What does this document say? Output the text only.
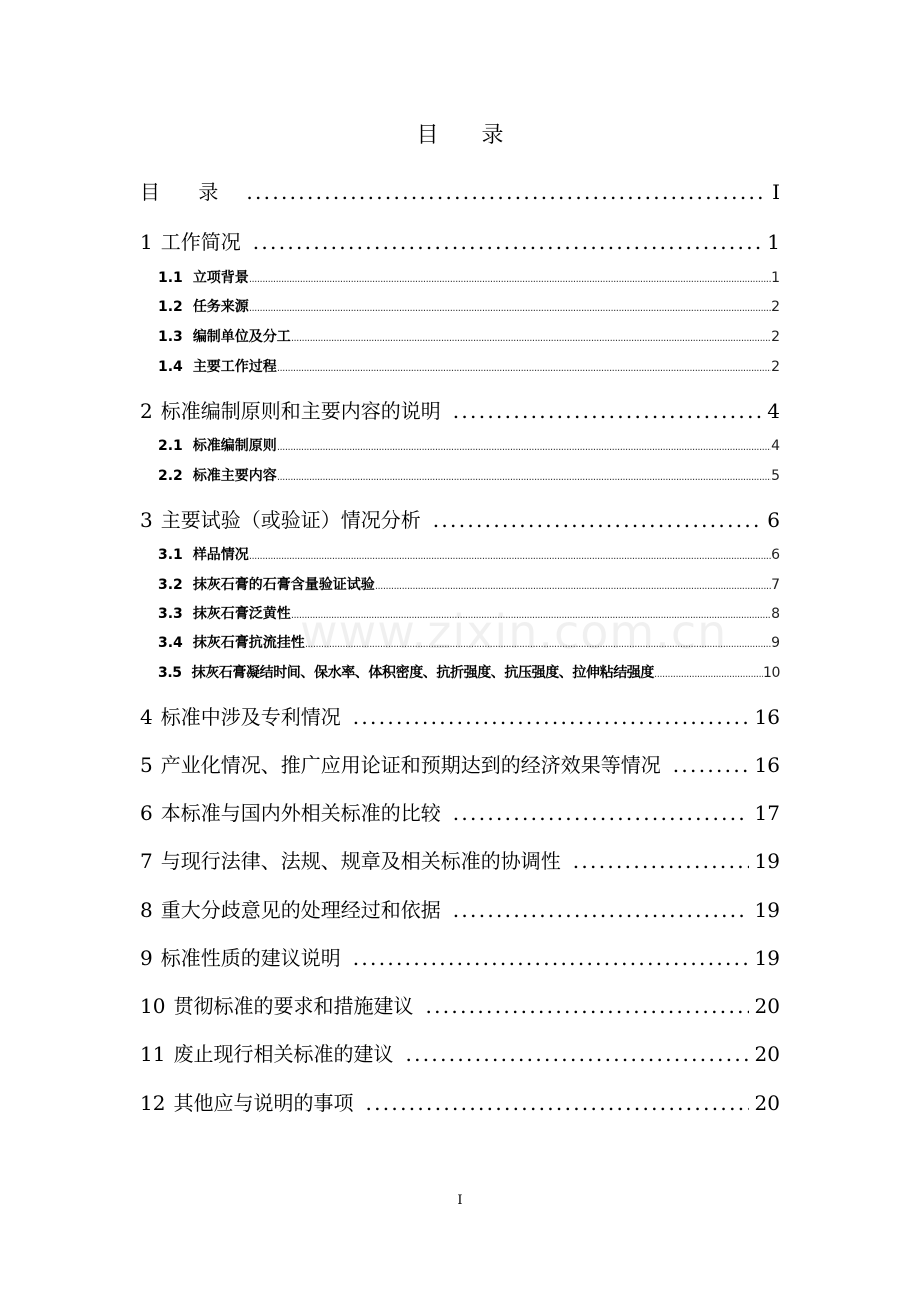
目 录
目 录 .....	I
1 工作简况 .....	1
1.1 立项背景 .....	1
1.2 任务来源 .....	2
1.3 编制单位及分工 .....	2
1.4 主要工作过程 .....	2
2 标准编制原则和主要内容的说明 .....	4
2.1 标准编制原则 .....	4
2.2 标准主要内容 .....	5
3 主要试验（或验证）情况分析 .....	6
3.1 样品情况 .....	6
3.2 抹灰石膏的石膏含量验证试验 .....	7
3.3 抹灰石膏泛黄性 .....	8
3.4 抹灰石膏抗流挂性 .....	9
3.5 抹灰石膏凝结时间、保水率、体积密度、抗折强度、抗压强度、拉伸粘结强度 .....	10
4 标准中涉及专利情况 .....	16
5 产业化情况、推广应用论证和预期达到的经济效果等情况 .....	16
6 本标准与国内外相关标准的比较 .....	17
7 与现行法律、法规、规章及相关标准的协调性 .....	19
8 重大分歧意见的处理经过和依据 .....	19
9 标准性质的建议说明 .....	19
10 贯彻标准的要求和措施建议 .....	20
11 废止现行相关标准的建议 .....	20
12 其他应与说明的事项 .....	20
www.zixin.com.cn
I
